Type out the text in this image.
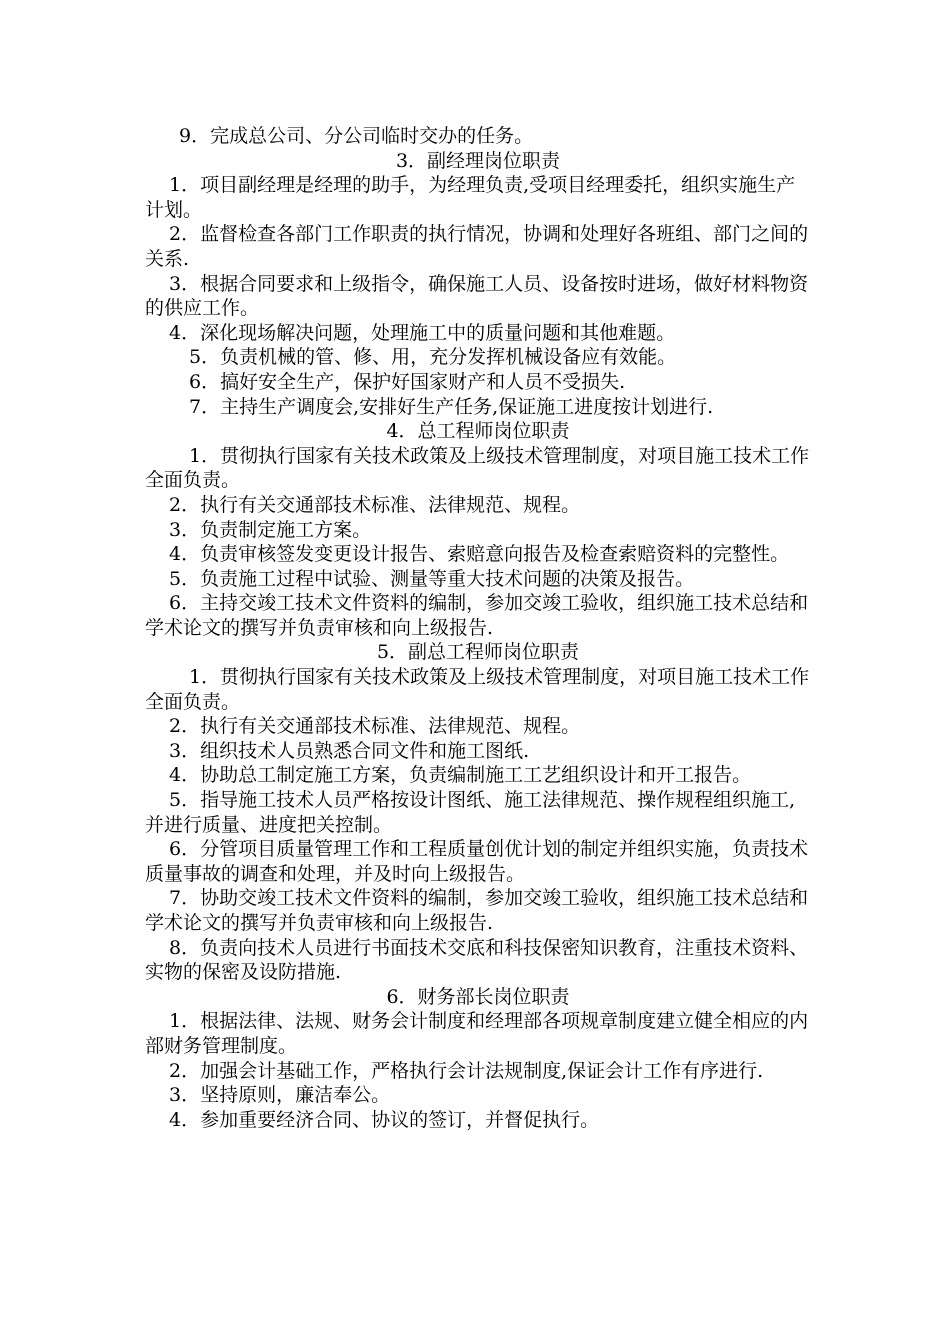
9．完成总公司、分公司临时交办的任务。

3．副经理岗位职责

1．项目副经理是经理的助手，为经理负责,受项目经理委托，组织实施生产计划。

2．监督检查各部门工作职责的执行情况，协调和处理好各班组、部门之间的关系.

3．根据合同要求和上级指令，确保施工人员、设备按时进场，做好材料物资的供应工作。

4．深化现场解决问题，处理施工中的质量问题和其他难题。

5．负责机械的管、修、用，充分发挥机械设备应有效能。

6．搞好安全生产，保护好国家财产和人员不受损失.

7．主持生产调度会,安排好生产任务,保证施工进度按计划进行.

4．总工程师岗位职责

1．贯彻执行国家有关技术政策及上级技术管理制度，对项目施工技术工作全面负责。

2．执行有关交通部技术标准、法律规范、规程。

3．负责制定施工方案。

4．负责审核签发变更设计报告、索赔意向报告及检查索赔资料的完整性。

5．负责施工过程中试验、测量等重大技术问题的决策及报告。

6．主持交竣工技术文件资料的编制，参加交竣工验收，组织施工技术总结和学术论文的撰写并负责审核和向上级报告.

5．副总工程师岗位职责

1．贯彻执行国家有关技术政策及上级技术管理制度，对项目施工技术工作全面负责。

2．执行有关交通部技术标准、法律规范、规程。

3．组织技术人员熟悉合同文件和施工图纸.

4．协助总工制定施工方案，负责编制施工工艺组织设计和开工报告。

5．指导施工技术人员严格按设计图纸、施工法律规范、操作规程组织施工,并进行质量、进度把关控制。

6．分管项目质量管理工作和工程质量创优计划的制定并组织实施，负责技术质量事故的调查和处理，并及时向上级报告。

7．协助交竣工技术文件资料的编制，参加交竣工验收，组织施工技术总结和学术论文的撰写并负责审核和向上级报告.

8．负责向技术人员进行书面技术交底和科技保密知识教育，注重技术资料、实物的保密及设防措施.

6．财务部长岗位职责

1．根据法律、法规、财务会计制度和经理部各项规章制度建立健全相应的内部财务管理制度。

2．加强会计基础工作，严格执行会计法规制度,保证会计工作有序进行.

3．坚持原则，廉洁奉公。

4．参加重要经济合同、协议的签订，并督促执行。
